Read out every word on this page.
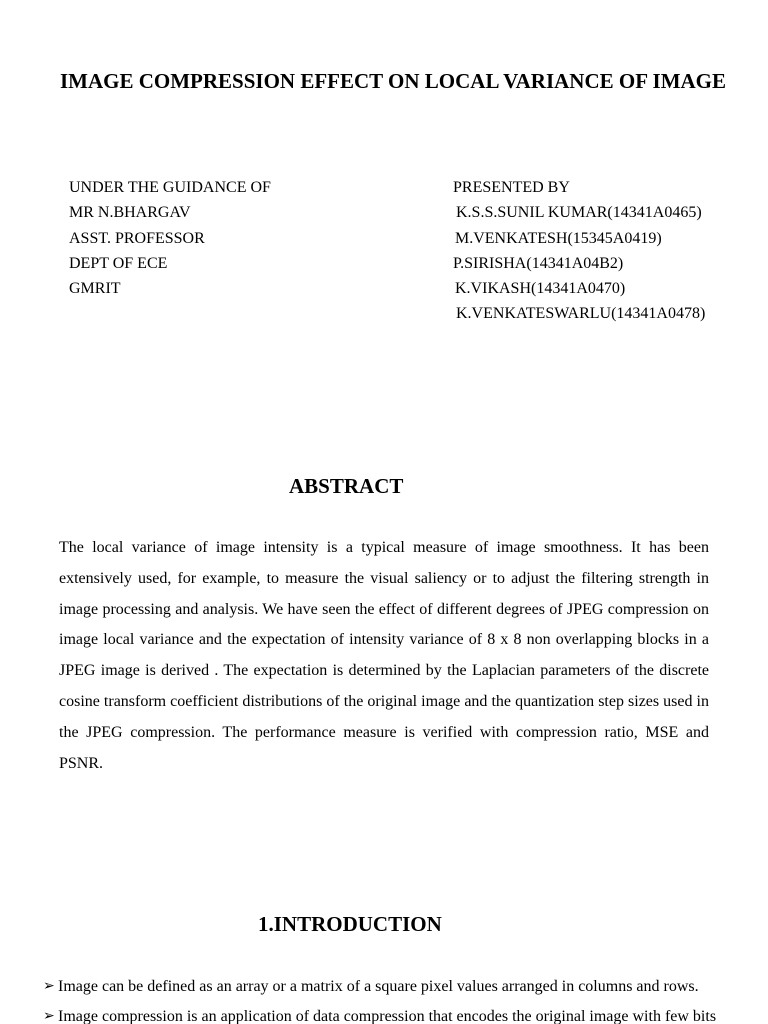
IMAGE COMPRESSION EFFECT ON LOCAL VARIANCE OF IMAGE
UNDER THE GUIDANCE OF
MR N.BHARGAV
ASST. PROFESSOR
DEPT OF ECE
GMRIT
PRESENTED BY
K.S.S.SUNIL KUMAR(14341A0465)
M.VENKATESH(15345A0419)
P.SIRISHA(14341A04B2)
K.VIKASH(14341A0470)
K.VENKATESWARLU(14341A0478)
ABSTRACT

The local variance of image intensity is a typical measure of image smoothness. It has been extensively used, for example, to measure the visual saliency or to adjust the filtering strength in image processing and analysis. We have seen the effect of different degrees of JPEG compression on image local variance and the expectation of intensity variance of 8 x 8 non overlapping blocks in a JPEG image is derived . The expectation is determined by the Laplacian parameters of the discrete cosine transform coefficient distributions of the original image and the quantization step sizes used in the JPEG compression. The performance measure is verified with compression ratio, MSE and PSNR.

1.INTRODUCTION
➢ Image can be defined as an array or a matrix of a square pixel values arranged in columns and rows.
➢ Image compression is an application of data compression that encodes the original image with few bits
